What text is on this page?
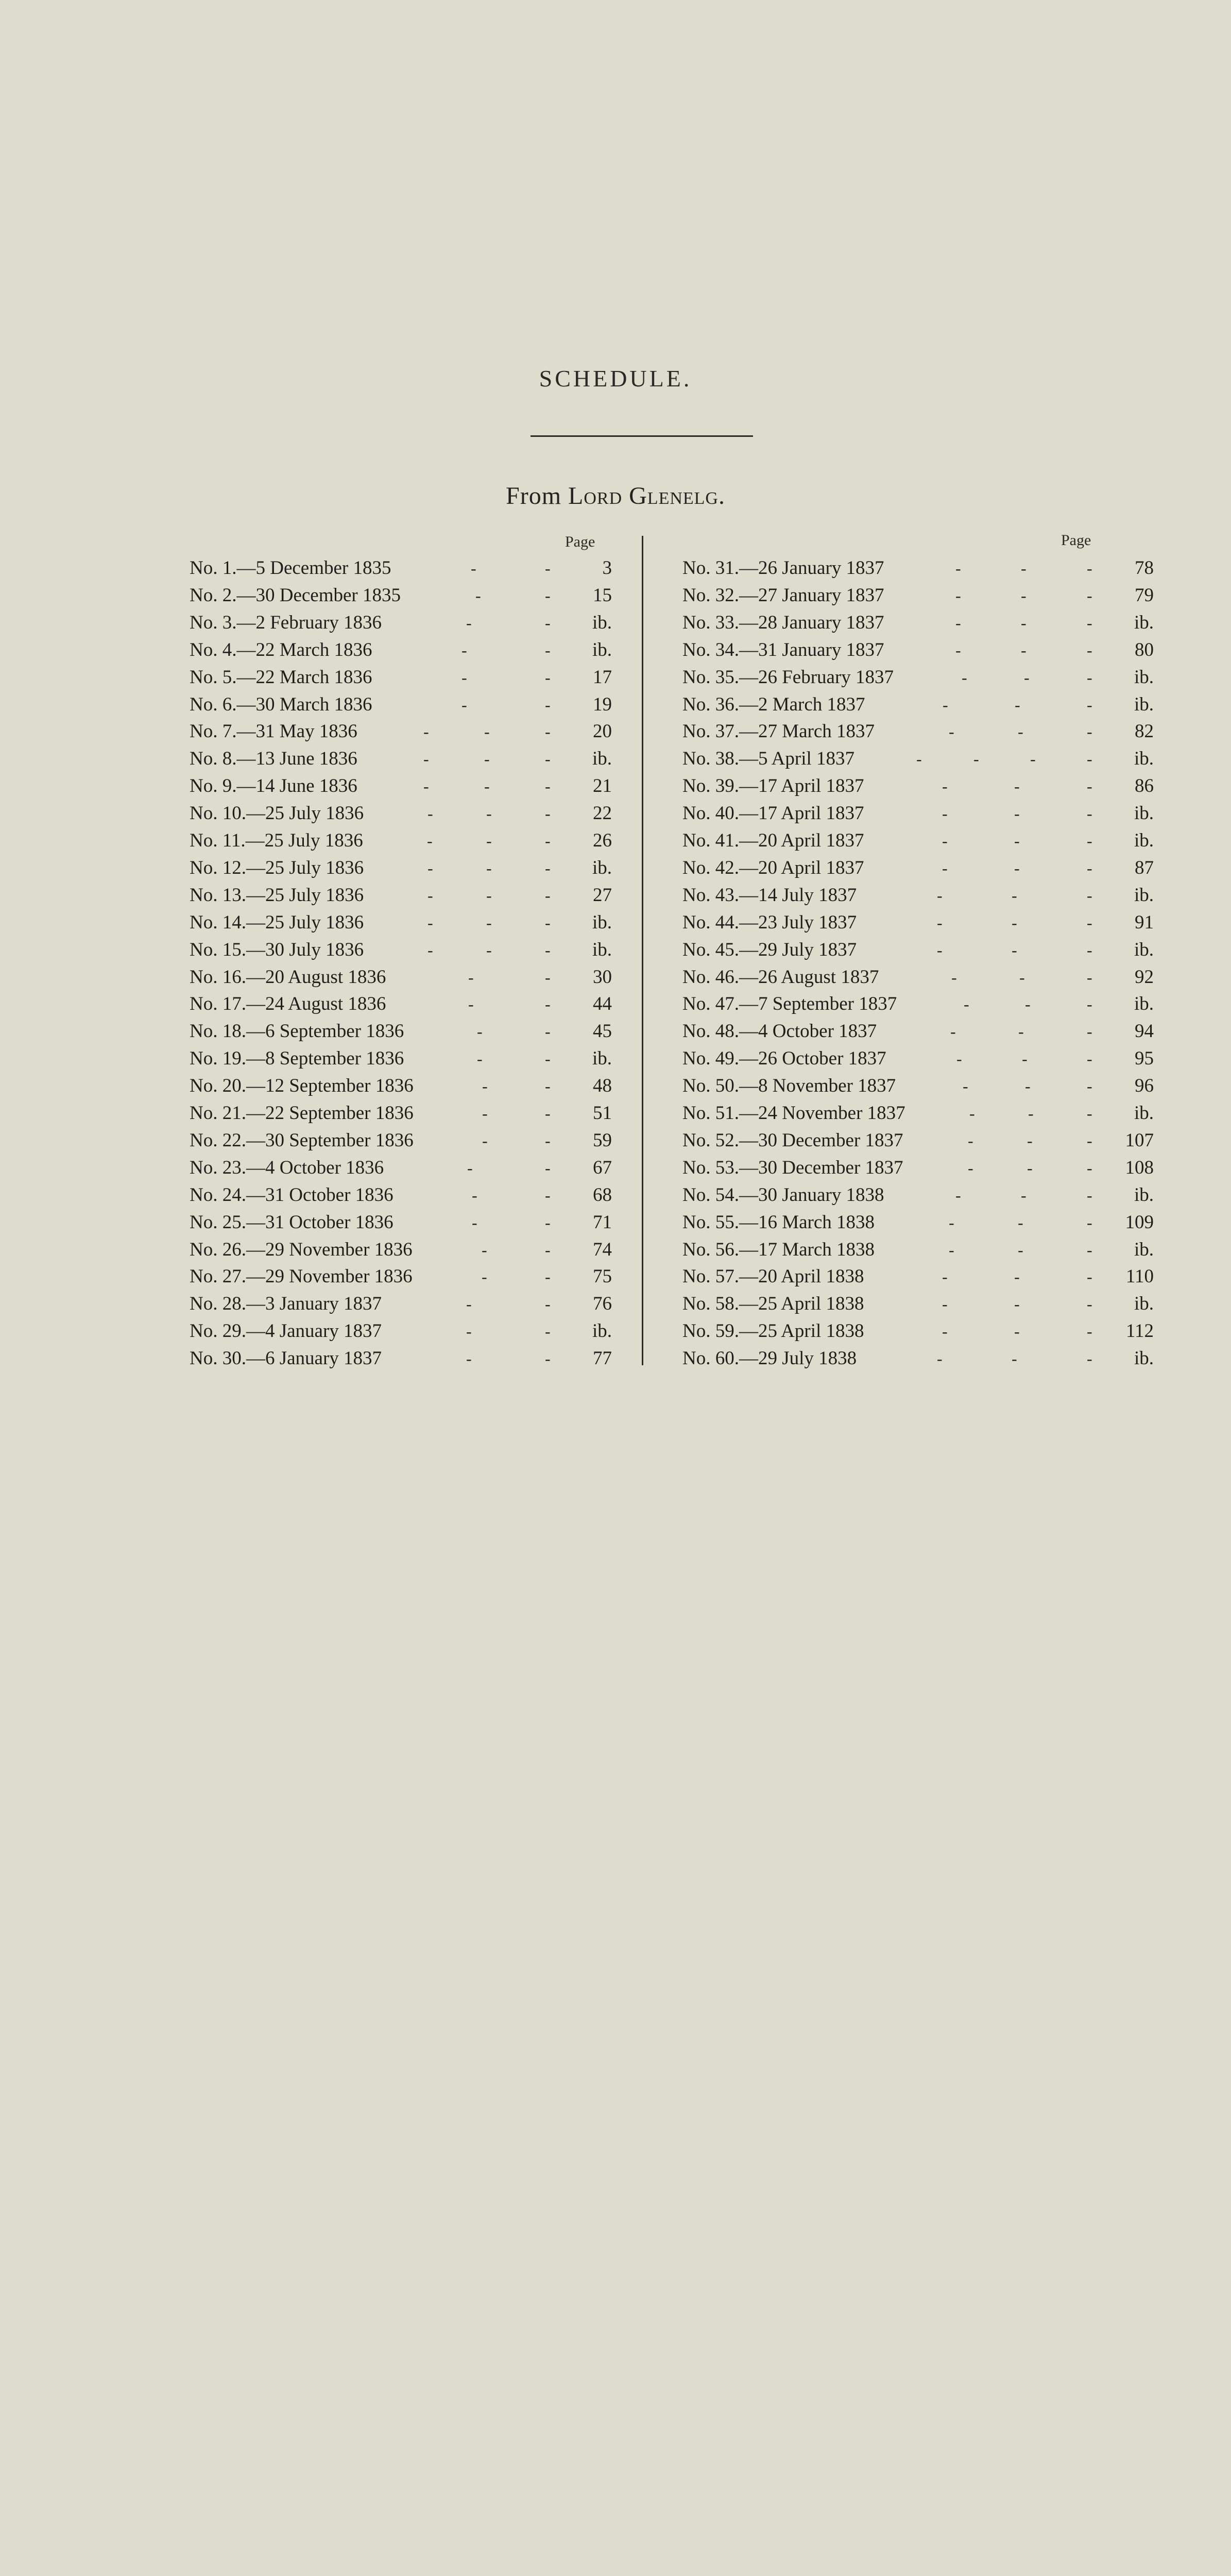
SCHEDULE.
From Lord Glenelg.
Page	Page
No. 1.—5 December 1835	-	-	3
No. 2.—30 December 1835	-	-	15
No. 3.—2 February 1836	-	-	ib.
No. 4.—22 March 1836	-	-	ib.
No. 5.—22 March 1836	-	-	17
No. 6.—30 March 1836	-	-	19
No. 7.—31 May 1836	-	-	-	20
No. 8.—13 June 1836	-	-	-	ib.
No. 9.—14 June 1836	-	-	-	21
No. 10.—25 July 1836	-	-	-	22
No. 11.—25 July 1836	-	-	-	26
No. 12.—25 July 1836	-	-	-	ib.
No. 13.—25 July 1836	-	-	-	27
No. 14.—25 July 1836	-	-	-	ib.
No. 15.—30 July 1836	-	-	-	ib.
No. 16.—20 August 1836	-	-	30
No. 17.—24 August 1836	-	-	44
No. 18.—6 September 1836	-	-	45
No. 19.—8 September 1836	-	-	ib.
No. 20.—12 September 1836	-	-	48
No. 21.—22 September 1836	-	-	51
No. 22.—30 September 1836	-	-	59
No. 23.—4 October 1836	-	-	67
No. 24.—31 October 1836	-	-	68
No. 25.—31 October 1836	-	-	71
No. 26.—29 November 1836	-	-	74
No. 27.—29 November 1836	-	-	75
No. 28.—3 January 1837	-	-	76
No. 29.—4 January 1837	-	-	ib.
No. 30.—6 January 1837	-	-	77
No. 31.—26 January 1837	-	-	-	78
No. 32.—27 January 1837	-	-	-	79
No. 33.—28 January 1837	-	-	-	ib.
No. 34.—31 January 1837	-	-	-	80
No. 35.—26 February 1837	-	-	-	ib.
No. 36.—2 March 1837	-	-	-	ib.
No. 37.—27 March 1837	-	-	-	82
No. 38.—5 April 1837	-	-	-	-	ib.
No. 39.—17 April 1837	-	-	-	86
No. 40.—17 April 1837	-	-	-	ib.
No. 41.—20 April 1837	-	-	-	ib.
No. 42.—20 April 1837	-	-	-	87
No. 43.—14 July 1837	-	-	-	ib.
No. 44.—23 July 1837	-	-	-	91
No. 45.—29 July 1837	-	-	-	ib.
No. 46.—26 August 1837	-	-	-	92
No. 47.—7 September 1837	-	-	-	ib.
No. 48.—4 October 1837	-	-	-	94
No. 49.—26 October 1837	-	-	-	95
No. 50.—8 November 1837	-	-	-	96
No. 51.—24 November 1837	-	-	-	ib.
No. 52.—30 December 1837	-	-	-	107
No. 53.—30 December 1837	-	-	-	108
No. 54.—30 January 1838	-	-	-	ib.
No. 55.—16 March 1838	-	-	-	109
No. 56.—17 March 1838	-	-	-	ib.
No. 57.—20 April 1838	-	-	-	110
No. 58.—25 April 1838	-	-	-	ib.
No. 59.—25 April 1838	-	-	-	112
No. 60.—29 July 1838	-	-	-	ib.
